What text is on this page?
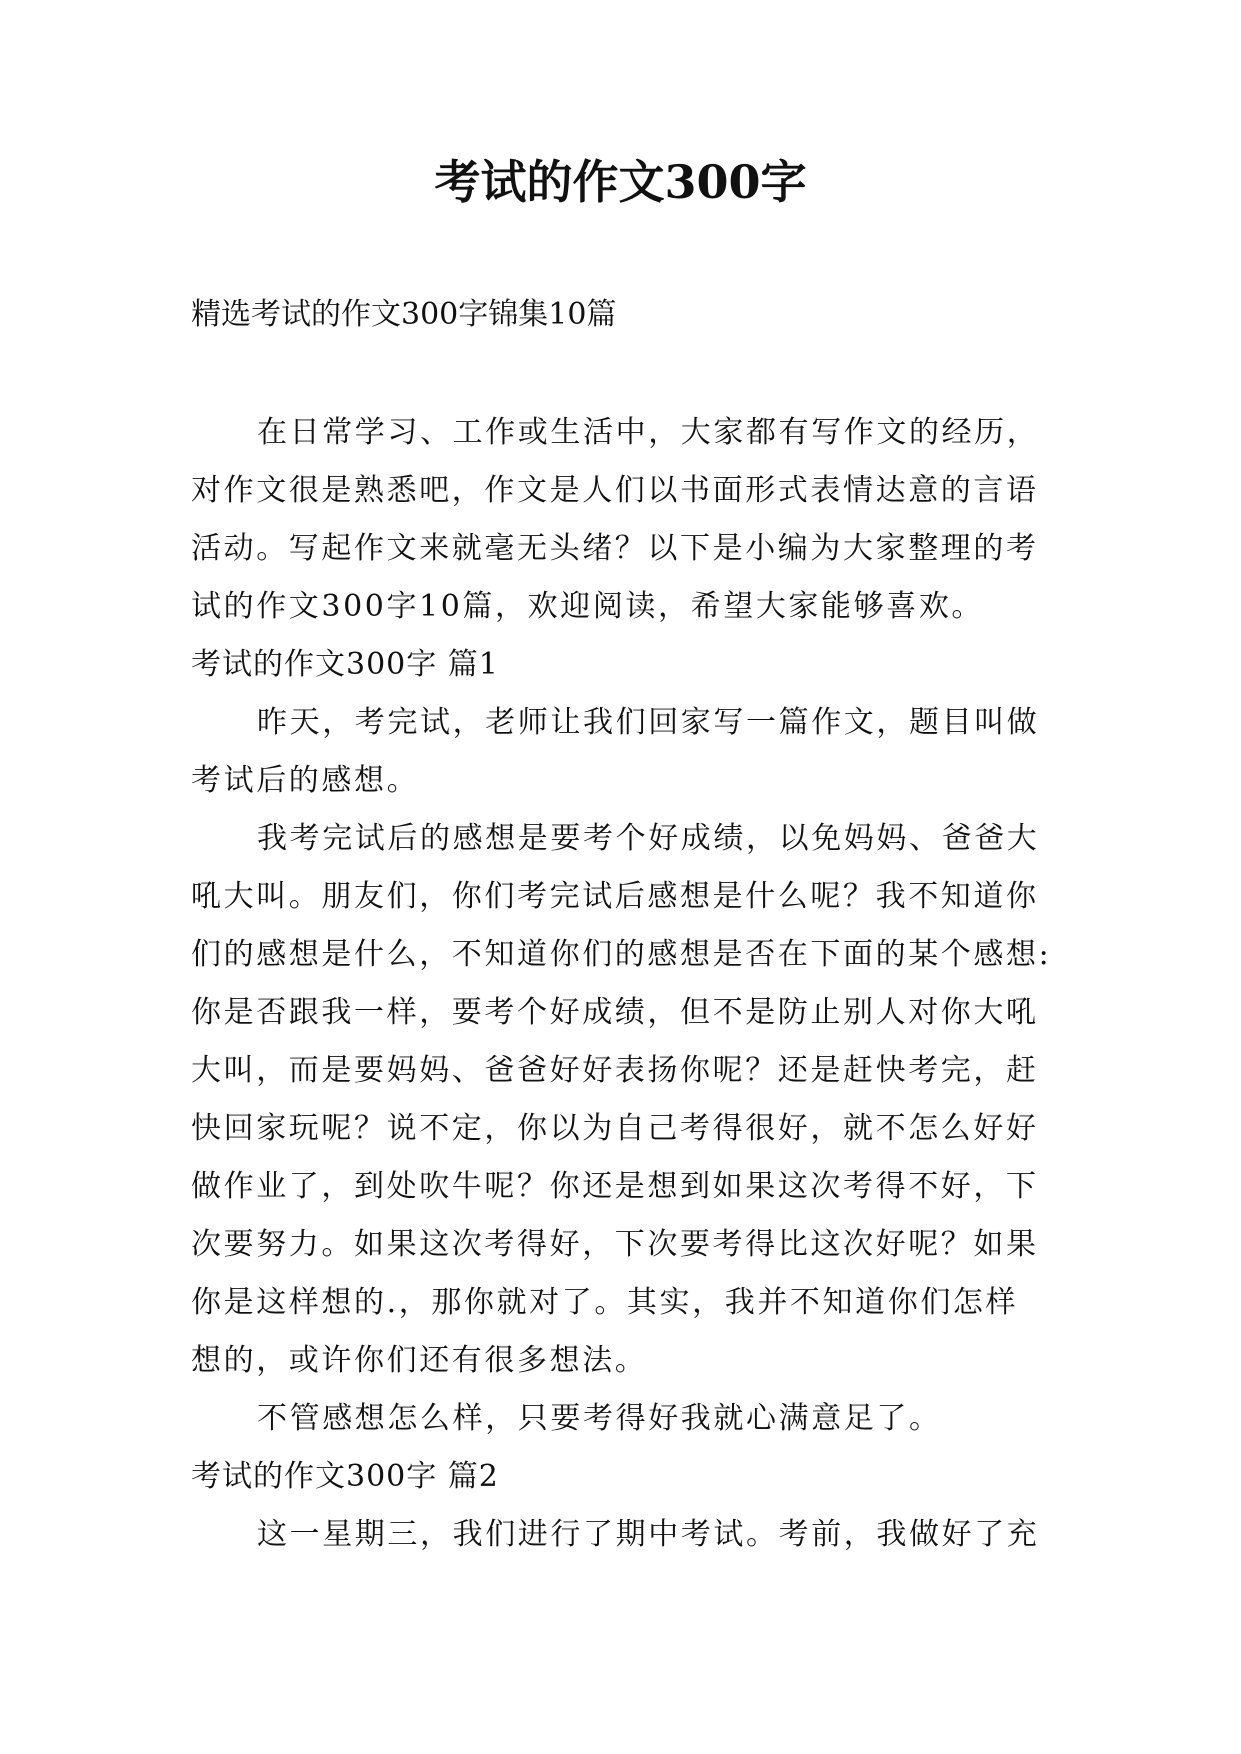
考试的作文300字
精选考试的作文300字锦集10篇
在日常学习、工作或生活中，大家都有写作文的经历，
对作文很是熟悉吧，作文是人们以书面形式表情达意的言语
活动。写起作文来就毫无头绪？以下是小编为大家整理的考
试的作文300字10篇，欢迎阅读，希望大家能够喜欢。
考试的作文300字 篇1
昨天，考完试，老师让我们回家写一篇作文，题目叫做
考试后的感想。
我考完试后的感想是要考个好成绩，以免妈妈、爸爸大
吼大叫。朋友们，你们考完试后感想是什么呢？我不知道你
们的感想是什么，不知道你们的感想是否在下面的某个感想:
你是否跟我一样，要考个好成绩，但不是防止别人对你大吼
大叫，而是要妈妈、爸爸好好表扬你呢？还是赶快考完，赶
快回家玩呢？说不定，你以为自己考得很好，就不怎么好好
做作业了，到处吹牛呢？你还是想到如果这次考得不好，下
次要努力。如果这次考得好，下次要考得比这次好呢？如果
你是这样想的.，那你就对了。其实，我并不知道你们怎样
想的，或许你们还有很多想法。
不管感想怎么样，只要考得好我就心满意足了。
考试的作文300字 篇2
这一星期三，我们进行了期中考试。考前，我做好了充
